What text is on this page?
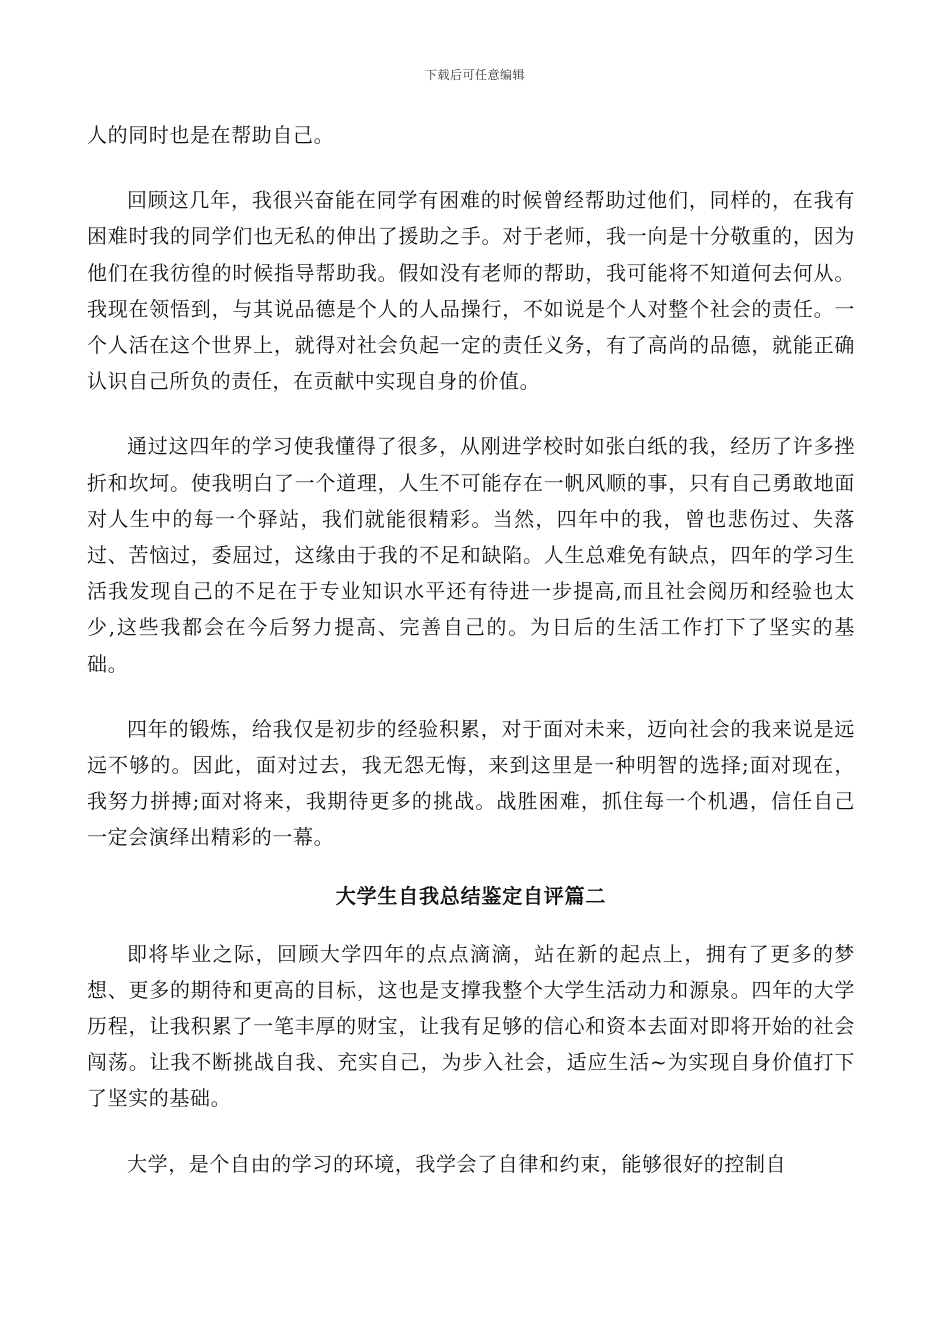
下载后可任意编辑

人的同时也是在帮助自己。

回顾这几年，我很兴奋能在同学有困难的时候曾经帮助过他们，同样的，在我有困难时我的同学们也无私的伸出了援助之手。对于老师，我一向是十分敬重的，因为他们在我彷徨的时候指导帮助我。假如没有老师的帮助，我可能将不知道何去何从。我现在领悟到，与其说品德是个人的人品操行，不如说是个人对整个社会的责任。一个人活在这个世界上，就得对社会负起一定的责任义务，有了高尚的品德，就能正确认识自己所负的责任，在贡献中实现自身的价值。

通过这四年的学习使我懂得了很多，从刚进学校时如张白纸的我，经历了许多挫折和坎坷。使我明白了一个道理，人生不可能存在一帆风顺的事，只有自己勇敢地面对人生中的每一个驿站，我们就能很精彩。当然，四年中的我，曾也悲伤过、失落过、苦恼过，委屈过，这缘由于我的不足和缺陷。人生总难免有缺点，四年的学习生活我发现自己的不足在于专业知识水平还有待进一步提高,而且社会阅历和经验也太少,这些我都会在今后努力提高、完善自己的。为日后的生活工作打下了坚实的基础。

四年的锻炼，给我仅是初步的经验积累，对于面对未来，迈向社会的我来说是远远不够的。因此，面对过去，我无怨无悔，来到这里是一种明智的选择;面对现在，我努力拼搏;面对将来，我期待更多的挑战。战胜困难，抓住每一个机遇，信任自己一定会演绎出精彩的一幕。

大学生自我总结鉴定自评篇二

即将毕业之际，回顾大学四年的点点滴滴，站在新的起点上，拥有了更多的梦想、更多的期待和更高的目标，这也是支撑我整个大学生活动力和源泉。四年的大学历程，让我积累了一笔丰厚的财宝，让我有足够的信心和资本去面对即将开始的社会闯荡。让我不断挑战自我、充实自己，为步入社会，适应生活~为实现自身价值打下了坚实的基础。

大学，是个自由的学习的环境，我学会了自律和约束，能够很好的控制自
